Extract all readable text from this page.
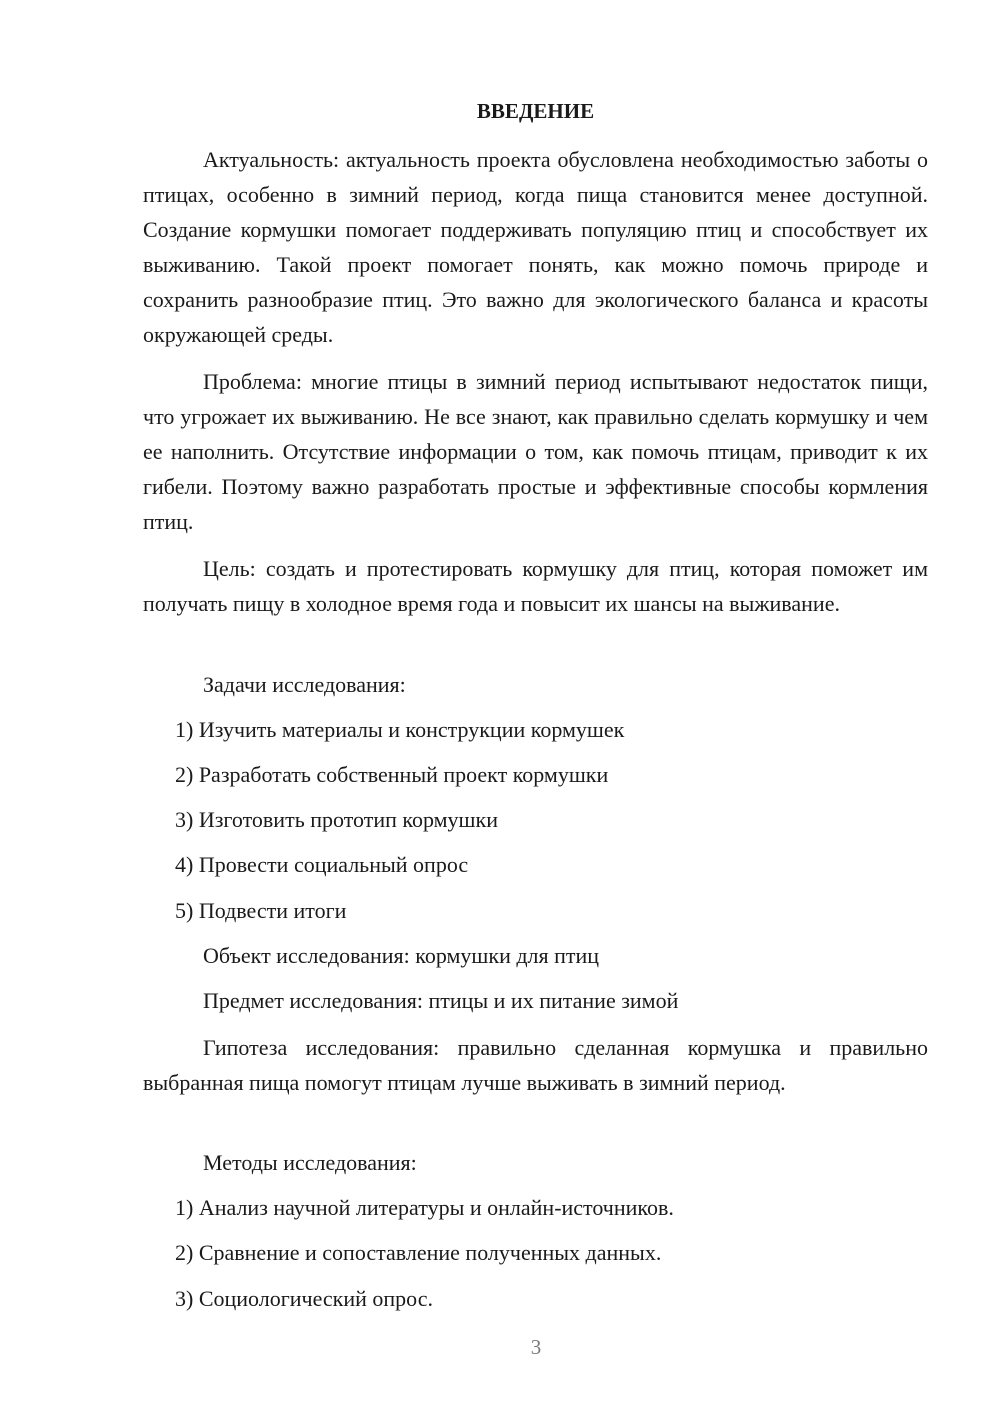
ВВЕДЕНИЕ

Актуальность: актуальность проекта обусловлена необходимостью заботы о птицах, особенно в зимний период, когда пища становится менее доступной. Создание кормушки помогает поддерживать популяцию птиц и способствует их выживанию. Такой проект помогает понять, как можно помочь природе и сохранить разнообразие птиц. Это важно для экологического баланса и красоты окружающей среды.

Проблема: многие птицы в зимний период испытывают недостаток пищи, что угрожает их выживанию. Не все знают, как правильно сделать кормушку и чем ее наполнить. Отсутствие информации о том, как помочь птицам, приводит к их гибели. Поэтому важно разработать простые и эффективные способы кормления птиц.

Цель: создать и протестировать кормушку для птиц, которая поможет им получать пищу в холодное время года и повысит их шансы на выживание.

Задачи исследования:
1) Изучить материалы и конструкции кормушек
2) Разработать собственный проект кормушки
3) Изготовить прототип кормушки
4) Провести социальный опрос
5) Подвести итоги
Объект исследования: кормушки для птиц
Предмет исследования: птицы и их питание зимой

Гипотеза исследования: правильно сделанная кормушка и правильно выбранная пища помогут птицам лучше выживать в зимний период.

Методы исследования:
1) Анализ научной литературы и онлайн-источников.
2) Сравнение и сопоставление полученных данных.
3) Социологический опрос.
3
